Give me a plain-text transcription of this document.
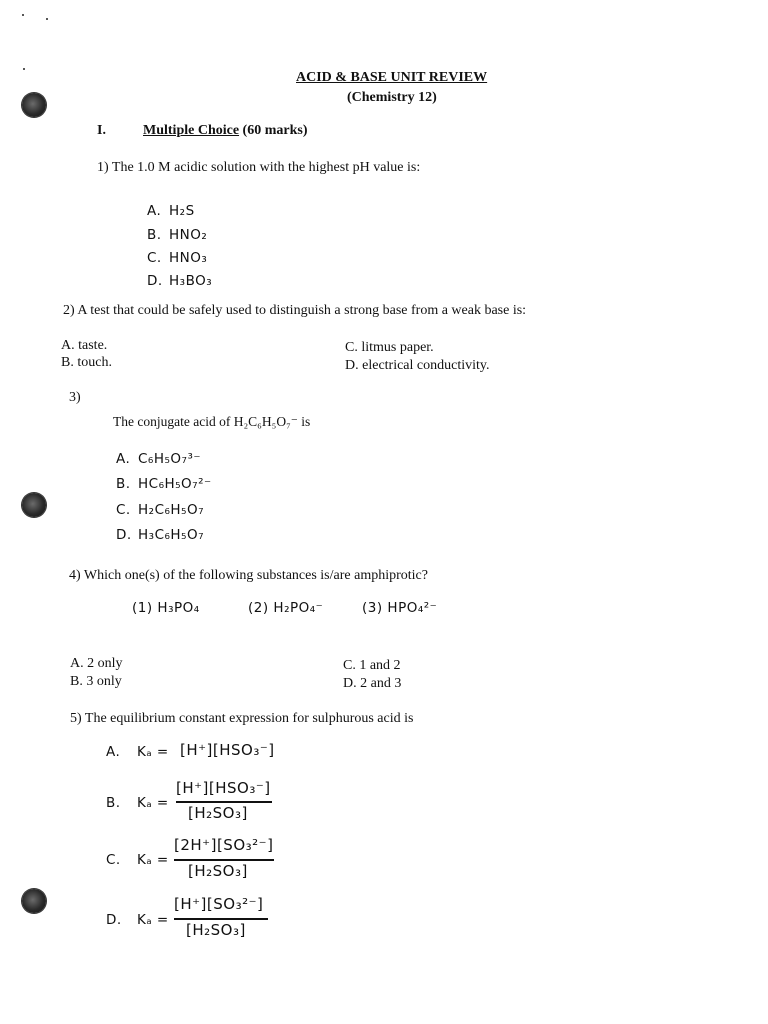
ACID & BASE UNIT REVIEW
(Chemistry 12)
I.	Multiple Choice (60 marks)
1) The 1.0 M acidic solution with the highest pH value is:
A. H₂S
B. HNO₂
C. HNO₃
D. H₃BO₃
2) A test that could be safely used to distinguish a strong base from a weak base is:
A. taste.
B. touch.
C. litmus paper.
D. electrical conductivity.
3)
The conjugate acid of H₂C₆H₅O₇⁻ is
A. C₆H₅O₇³⁻
B. HC₆H₅O₇²⁻
C. H₂C₆H₅O₇
D. H₃C₆H₅O₇
4) Which one(s) of the following substances is/are amphiprotic?
(1) H₃PO₄	(2) H₂PO₄⁻	(3) HPO₄²⁻
A. 2 only
B. 3 only
C. 1 and 2
D. 2 and 3
5) The equilibrium constant expression for sulphurous acid is
A. Kₐ = [H⁺][HSO₃⁻]
B. Kₐ =
[H⁺][HSO₃⁻]
[H₂SO₃]
C. Kₐ =
[2H⁺][SO₃²⁻]
[H₂SO₃]
D. Kₐ =
[H⁺][SO₃²⁻]
[H₂SO₃]
